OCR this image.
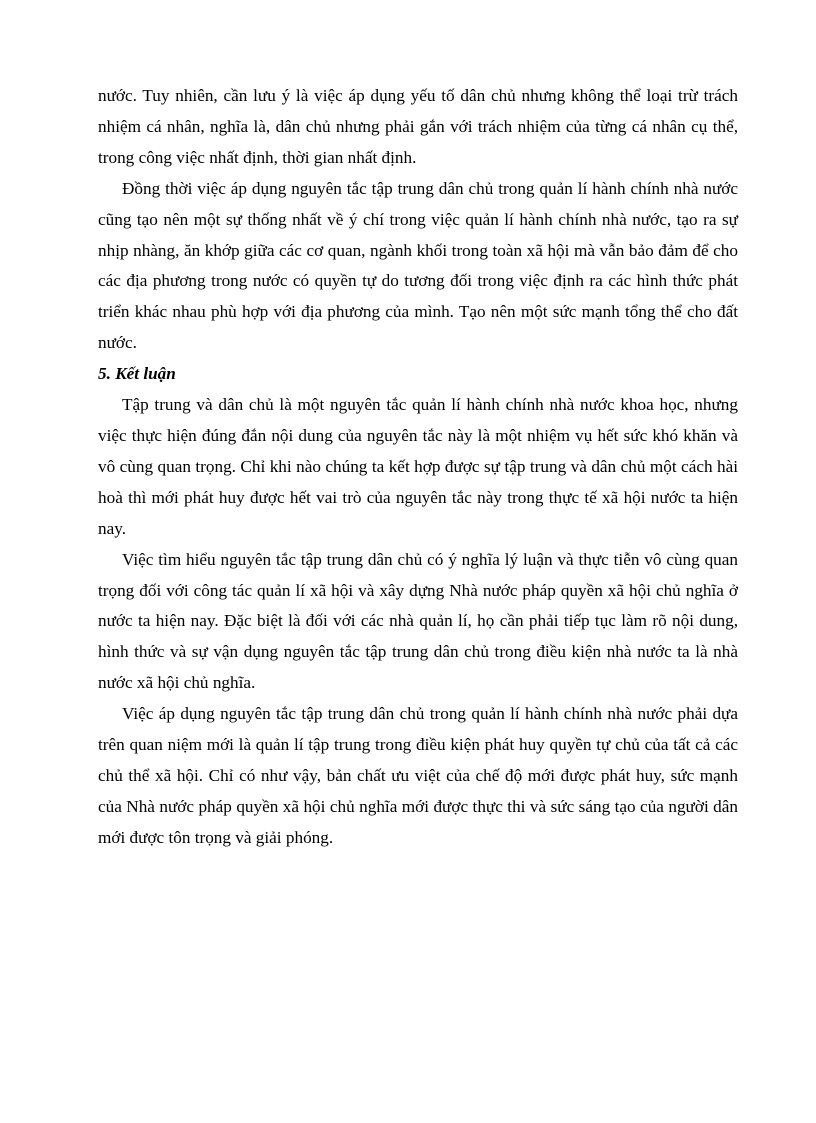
nước. Tuy nhiên, cần lưu ý là việc áp dụng yếu tố dân chủ nhưng không thể loại trừ trách nhiệm cá nhân, nghĩa là, dân chủ nhưng phải gắn với trách nhiệm của từng cá nhân cụ thể, trong công việc nhất định, thời gian nhất định.

Đồng thời việc áp dụng nguyên tắc tập trung dân chủ trong quản lí hành chính nhà nước cũng tạo nên một sự thống nhất về ý chí trong việc quản lí hành chính nhà nước, tạo ra sự nhịp nhàng, ăn khớp giữa các cơ quan, ngành khối trong toàn xã hội mà vẫn bảo đảm để cho các địa phương trong nước có quyền tự do tương đối trong việc định ra các hình thức phát triển khác nhau phù hợp với địa phương của mình. Tạo nên một sức mạnh tổng thể cho đất nước.

5. Kết luận

Tập trung và dân chủ là một nguyên tắc quản lí hành chính nhà nước khoa học, nhưng việc thực hiện đúng đắn nội dung của nguyên tắc này là một nhiệm vụ hết sức khó khăn và vô cùng quan trọng. Chỉ khi nào chúng ta kết hợp được sự tập trung và dân chủ một cách hài hoà thì mới phát huy được hết vai trò của nguyên tắc này trong thực tế xã hội nước ta hiện nay.

Việc tìm hiểu nguyên tắc tập trung dân chủ có ý nghĩa lý luận và thực tiễn vô cùng quan trọng đối với công tác quản lí xã hội và xây dựng Nhà nước pháp quyền xã hội chủ nghĩa ở nước ta hiện nay. Đặc biệt là đối với các nhà quản lí, họ cần phải tiếp tục làm rõ nội dung, hình thức và sự vận dụng nguyên tắc tập trung dân chủ trong điều kiện nhà nước ta là nhà nước xã hội chủ nghĩa.

Việc áp dụng nguyên tắc tập trung dân chủ trong quản lí hành chính nhà nước phải dựa trên quan niệm mới là quản lí tập trung trong điều kiện phát huy quyền tự chủ của tất cả các chủ thể xã hội. Chỉ có như vậy, bản chất ưu việt của chế độ mới được phát huy, sức mạnh của Nhà nước pháp quyền xã hội chủ nghĩa mới được thực thi và sức sáng tạo của người dân mới được tôn trọng và giải phóng.
